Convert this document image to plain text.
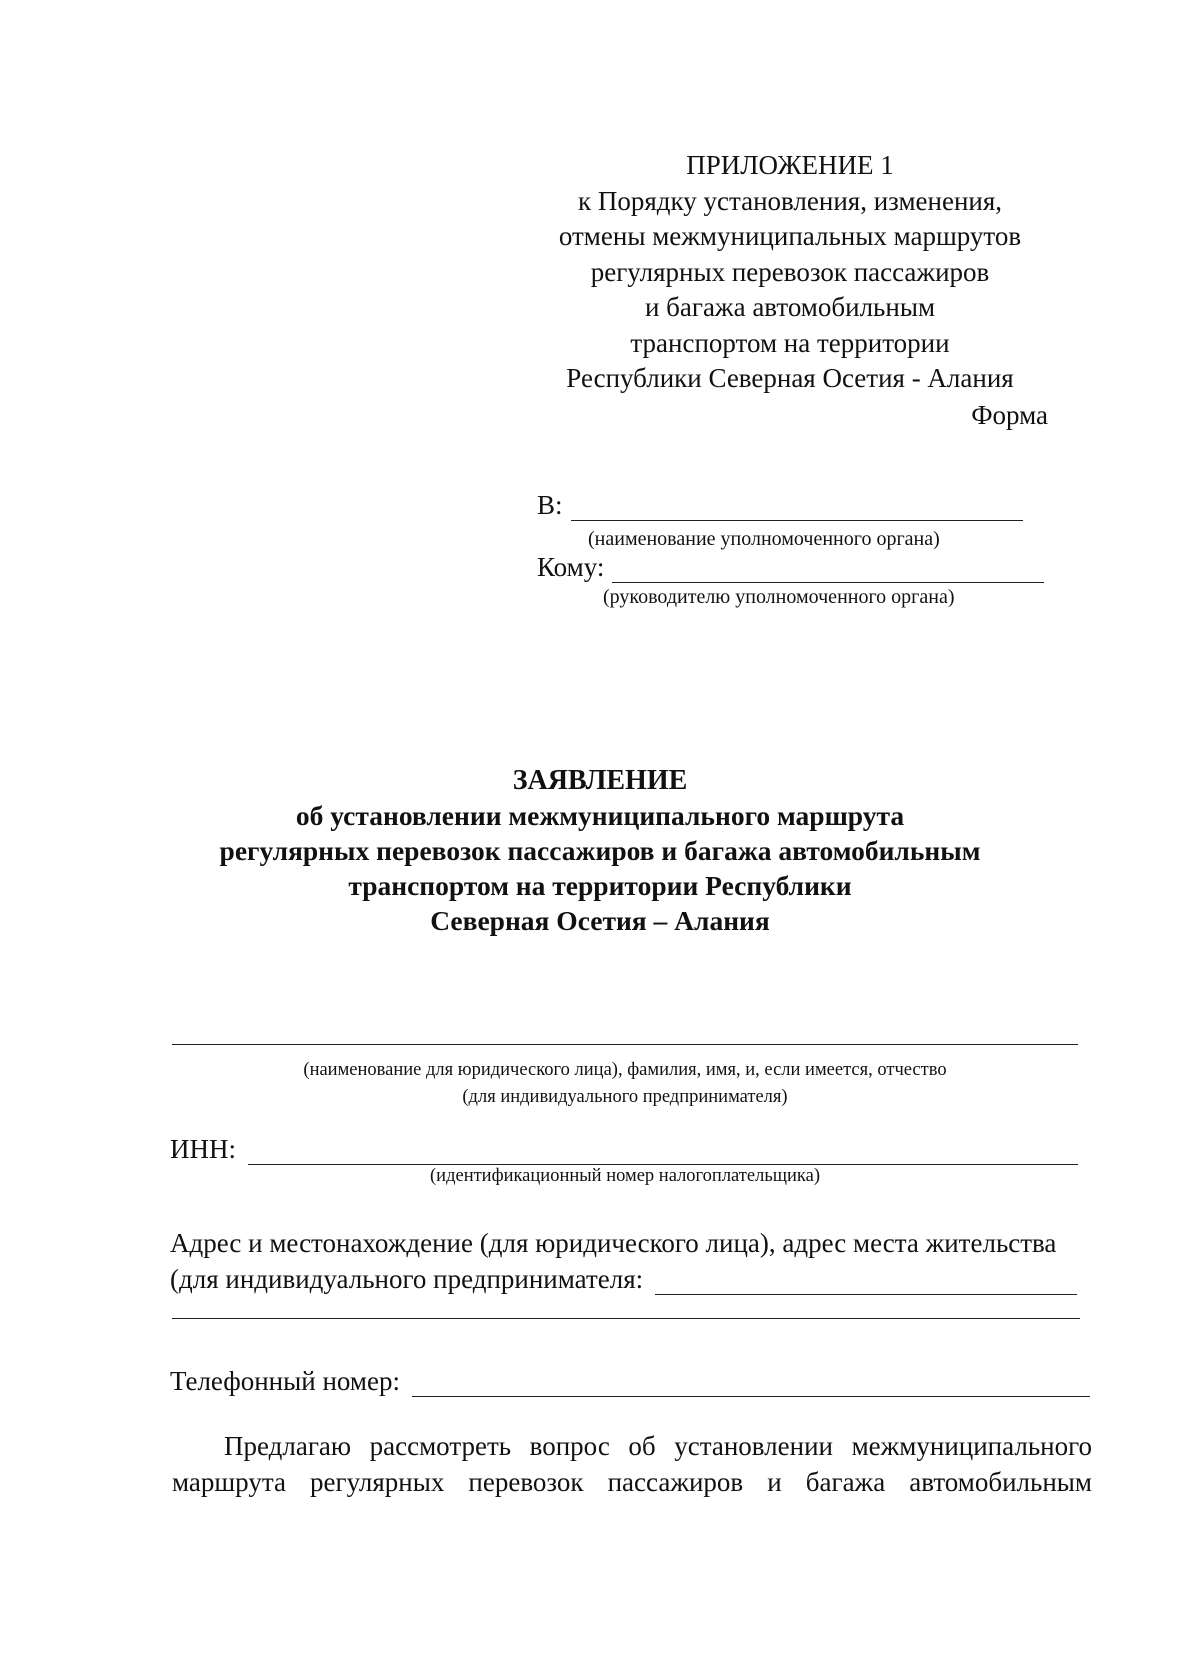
ПРИЛОЖЕНИЕ 1
к Порядку установления, изменения,
отмены межмуниципальных маршрутов
регулярных перевозок пассажиров
и багажа автомобильным
транспортом на территории
Республики Северная Осетия - Алания
Форма
В:
(наименование уполномоченного органа)
Кому:
(руководителю уполномоченного органа)
ЗАЯВЛЕНИЕ
об установлении межмуниципального маршрута
регулярных перевозок пассажиров и багажа автомобильным
транспортом на территории Республики
Северная Осетия – Алания
(наименование для юридического лица), фамилия, имя, и, если имеется, отчество
(для индивидуального предпринимателя)
ИНН:
(идентификационный номер налогоплательщика)
Адрес и местонахождение (для юридического лица), адрес места жительства
(для индивидуального предпринимателя:
Телефонный номер:
Предлагаю рассмотреть вопрос об установлении межмуниципального
маршрута регулярных перевозок пассажиров и багажа автомобильным
